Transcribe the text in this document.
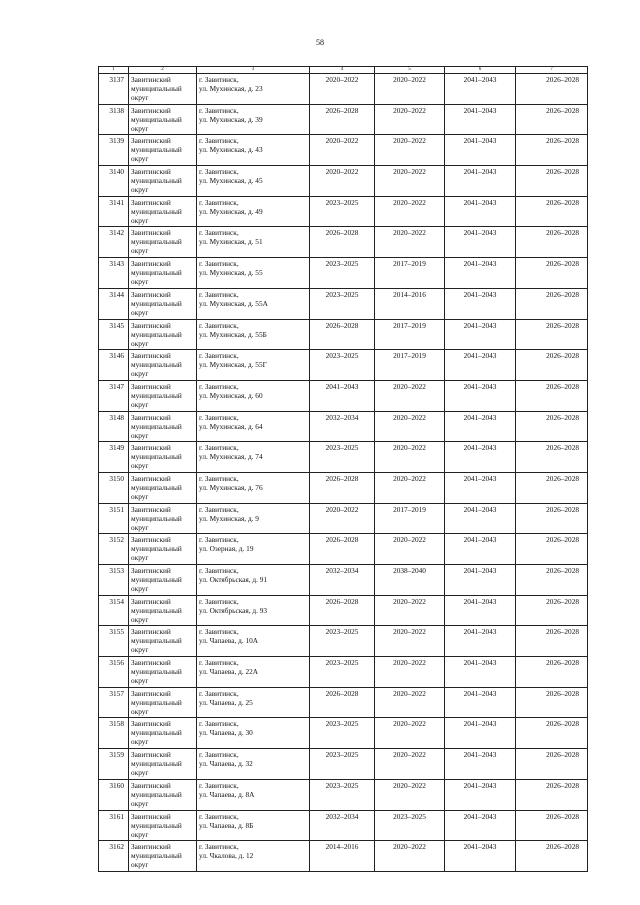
58
1	2	3	4	5	6	7
3137	Завитинский
муниципальный
округ	г. Завитинск,
ул. Мухинская, д. 23	2020–2022	2020–2022	2041–2043	2026–2028
3138	Завитинский
муниципальный
округ	г. Завитинск,
ул. Мухинская, д. 39	2026–2028	2020–2022	2041–2043	2026–2028
3139	Завитинский
муниципальный
округ	г. Завитинск,
ул. Мухинская, д. 43	2020–2022	2020–2022	2041–2043	2026–2028
3140	Завитинский
муниципальный
округ	г. Завитинск,
ул. Мухинская, д. 45	2020–2022	2020–2022	2041–2043	2026–2028
3141	Завитинский
муниципальный
округ	г. Завитинск,
ул. Мухинская, д. 49	2023–2025	2020–2022	2041–2043	2026–2028
3142	Завитинский
муниципальный
округ	г. Завитинск,
ул. Мухинская, д. 51	2026–2028	2020–2022	2041–2043	2026–2028
3143	Завитинский
муниципальный
округ	г. Завитинск,
ул. Мухинская, д. 55	2023–2025	2017–2019	2041–2043	2026–2028
3144	Завитинский
муниципальный
округ	г. Завитинск,
ул. Мухинская, д. 55А	2023–2025	2014–2016	2041–2043	2026–2028
3145	Завитинский
муниципальный
округ	г. Завитинск,
ул. Мухинская, д. 55Б	2026–2028	2017–2019	2041–2043	2026–2028
3146	Завитинский
муниципальный
округ	г. Завитинск,
ул. Мухинская, д. 55Г	2023–2025	2017–2019	2041–2043	2026–2028
3147	Завитинский
муниципальный
округ	г. Завитинск,
ул. Мухинская, д. 60	2041–2043	2020–2022	2041–2043	2026–2028
3148	Завитинский
муниципальный
округ	г. Завитинск,
ул. Мухинская, д. 64	2032–2034	2020–2022	2041–2043	2026–2028
3149	Завитинский
муниципальный
округ	г. Завитинск,
ул. Мухинская, д. 74	2023–2025	2020–2022	2041–2043	2026–2028
3150	Завитинский
муниципальный
округ	г. Завитинск,
ул. Мухинская, д. 76	2026–2028	2020–2022	2041–2043	2026–2028
3151	Завитинский
муниципальный
округ	г. Завитинск,
ул. Мухинская, д. 9	2020–2022	2017–2019	2041–2043	2026–2028
3152	Завитинский
муниципальный
округ	г. Завитинск,
ул. Озерная, д. 19	2026–2028	2020–2022	2041–2043	2026–2028
3153	Завитинский
муниципальный
округ	г. Завитинск,
ул. Октябрьская, д. 91	2032–2034	2038–2040	2041–2043	2026–2028
3154	Завитинский
муниципальный
округ	г. Завитинск,
ул. Октябрьская, д. 93	2026–2028	2020–2022	2041–2043	2026–2028
3155	Завитинский
муниципальный
округ	г. Завитинск,
ул. Чапаева, д. 10А	2023–2025	2020–2022	2041–2043	2026–2028
3156	Завитинский
муниципальный
округ	г. Завитинск,
ул. Чапаева, д. 22А	2023–2025	2020–2022	2041–2043	2026–2028
3157	Завитинский
муниципальный
округ	г. Завитинск,
ул. Чапаева, д. 25	2026–2028	2020–2022	2041–2043	2026–2028
3158	Завитинский
муниципальный
округ	г. Завитинск,
ул. Чапаева, д. 30	2023–2025	2020–2022	2041–2043	2026–2028
3159	Завитинский
муниципальный
округ	г. Завитинск,
ул. Чапаева, д. 32	2023–2025	2020–2022	2041–2043	2026–2028
3160	Завитинский
муниципальный
округ	г. Завитинск,
ул. Чапаева, д. 8А	2023–2025	2020–2022	2041–2043	2026–2028
3161	Завитинский
муниципальный
округ	г. Завитинск,
ул. Чапаева, д. 8Б	2032–2034	2023–2025	2041–2043	2026–2028
3162	Завитинский
муниципальный
округ	г. Завитинск,
ул. Чкалова, д. 12	2014–2016	2020–2022	2041–2043	2026–2028
